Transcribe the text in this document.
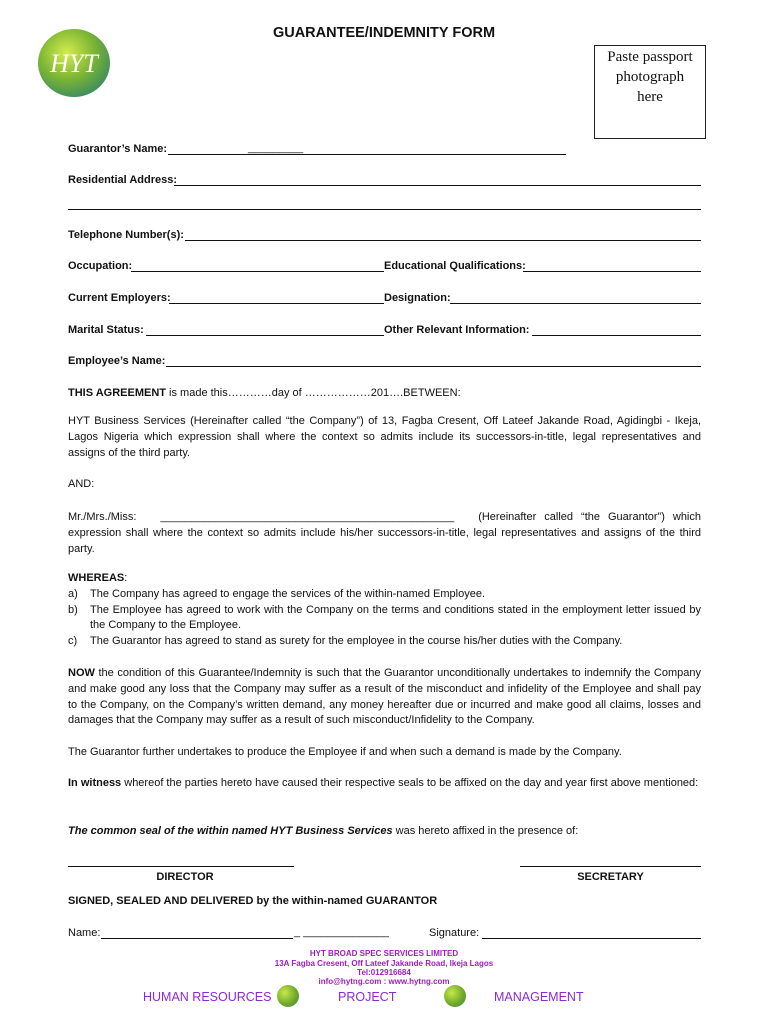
GUARANTEE/INDEMNITY FORM
HYT	Paste passport
photograph
here
Guarantor’s Name:	_________
Residential Address:
Telephone Number(s):
Occupation:	Educational Qualifications:
Current Employers:	Designation:
Marital Status:	Other Relevant Information:
Employee’s Name:
THIS AGREEMENT is made this…………day of ………………201….BETWEEN:
HYT Business Services (Hereinafter called “the Company”) of 13, Fagba Cresent, Off Lateef Jakande Road, Agidingbi - Ikeja, Lagos Nigeria which expression shall where the context so admits include its successors-in-title, legal representatives and assigns of the third party.
AND:
Mr./Mrs./Miss: ________________________________________________ (Hereinafter called “the Guarantor”) which expression shall where the context so admits include his/her successors-in-title, legal representatives and assigns of the third party.

WHEREAS:

a) The Company has agreed to engage the services of the within-named Employee.
b) The Employee has agreed to work with the Company on the terms and conditions stated in the employment letter issued by the Company to the Employee.
c) The Guarantor has agreed to stand as surety for the employee in the course his/her duties with the Company.
NOW the condition of this Guarantee/Indemnity is such that the Guarantor unconditionally undertakes to indemnify the Company and make good any loss that the Company may suffer as a result of the misconduct and infidelity of the Employee and shall pay to the Company, on the Company’s written demand, any money hereafter due or incurred and make good all claims, losses and damages that the Company may suffer as a result of such misconduct/Infidelity to the Company.
The Guarantor further undertakes to produce the Employee if and when such a demand is made by the Company.
In witness whereof the parties hereto have caused their respective seals to be affixed on the day and year first above mentioned:
The common seal of the within named HYT Business Services was hereto affixed in the presence of:
DIRECTOR	SECRETARY
SIGNED, SEALED AND DELIVERED by the within-named GUARANTOR
Name:	_ ______________	Signature:
HYT BROAD SPEC SERVICES LIMITED
13A Fagba Cresent, Off Lateef Jakande Road, Ikeja Lagos
Tel:012916684
info@hytng.com : www.hytng.com
HUMAN RESOURCES	PROJECT	MANAGEMENT
